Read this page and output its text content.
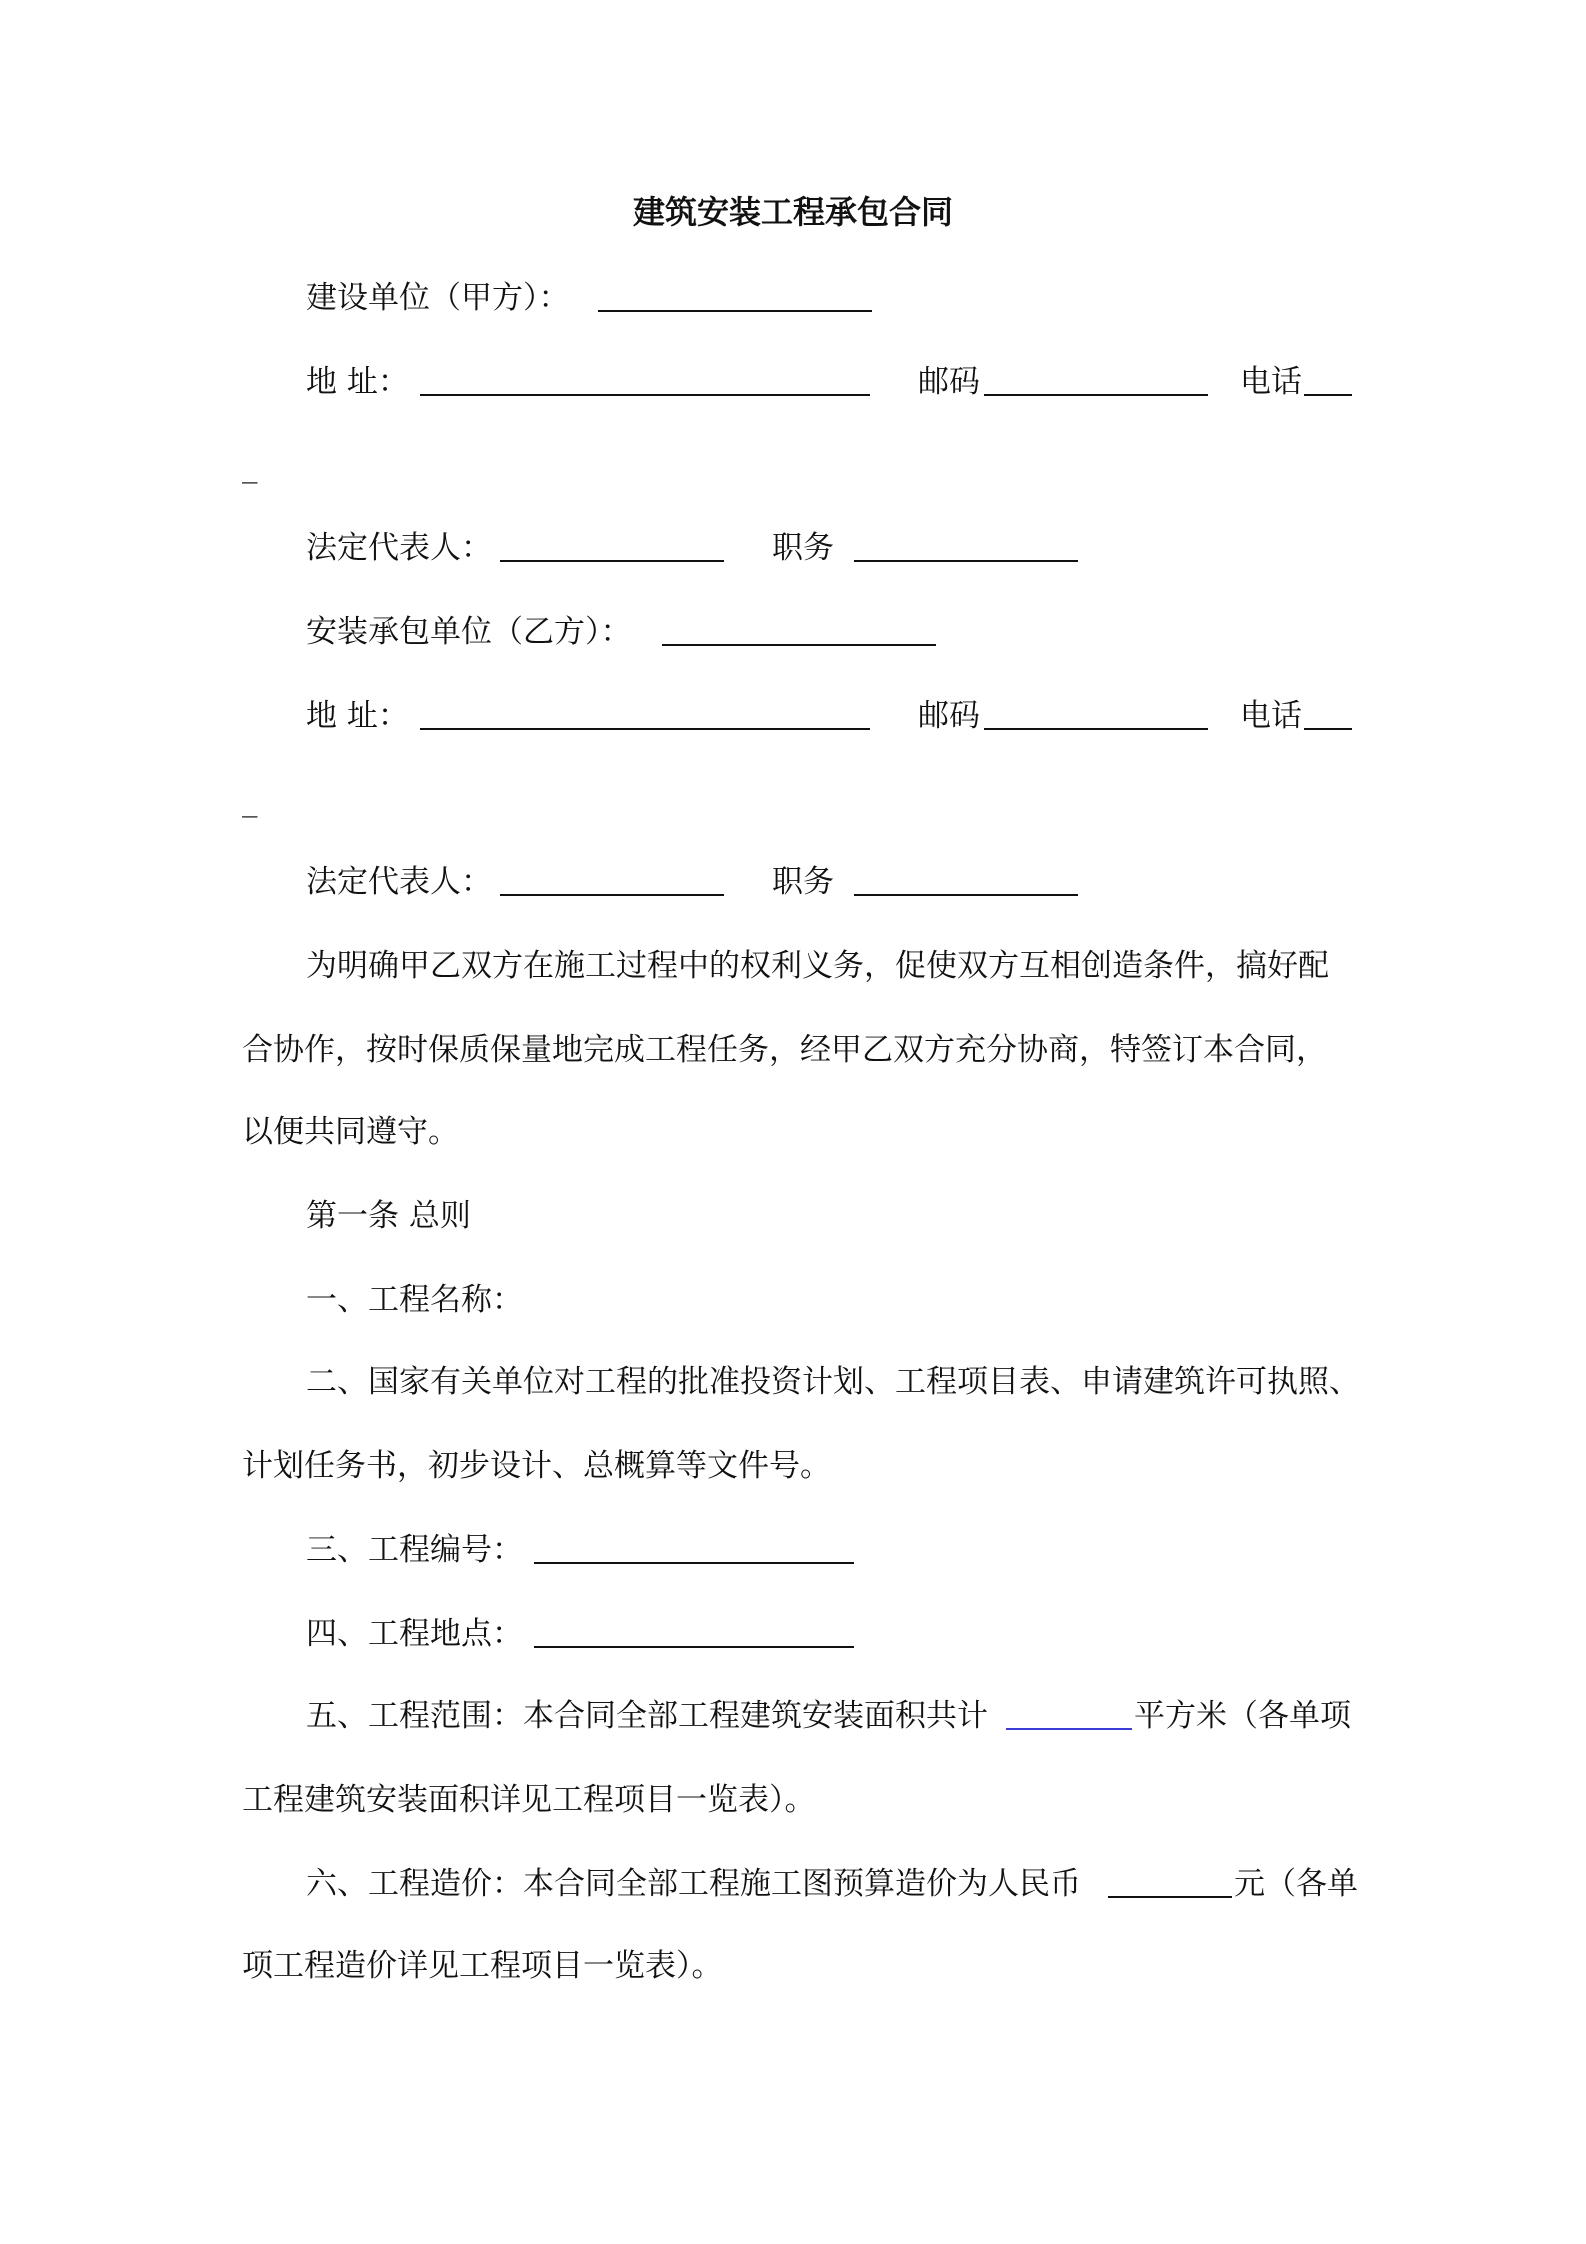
建筑安装工程承包合同
建设单位（甲方）：
地 址：	邮码	电话
_
法定代表人：	职务
安装承包单位（乙方）：
地 址：	邮码	电话
_
法定代表人：	职务
为明确甲乙双方在施工过程中的权利义务，促使双方互相创造条件，搞好配
合协作，按时保质保量地完成工程任务，经甲乙双方充分协商，特签订本合同，
以便共同遵守。
第一条 总则
一、工程名称：
二、国家有关单位对工程的批准投资计划、工程项目表、申请建筑许可执照、
计划任务书，初步设计、总概算等文件号。
三、工程编号：
四、工程地点：
五、工程范围：本合同全部工程建筑安装面积共计	平方米（各单项
工程建筑安装面积详见工程项目一览表）。
六、工程造价：本合同全部工程施工图预算造价为人民币	元（各单
项工程造价详见工程项目一览表）。
